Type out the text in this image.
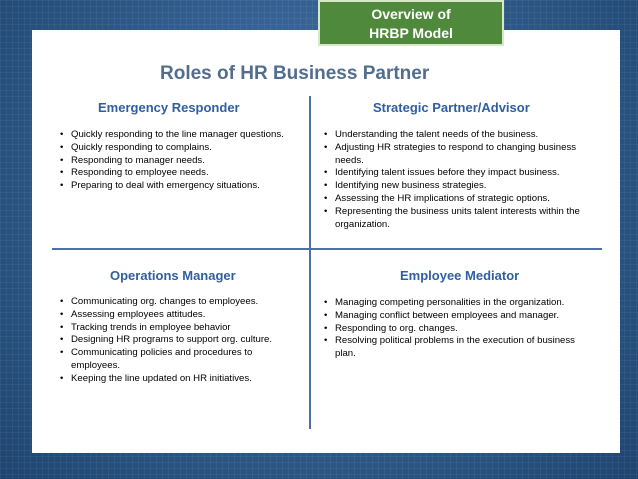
Overview of
HRBP Model
Roles of HR Business Partner
Emergency Responder
• Quickly responding to the line manager questions.
• Quickly responding to complains.
• Responding to manager needs.
• Responding to employee needs.
• Preparing to deal with emergency situations.
Strategic Partner/Advisor
• Understanding the talent needs of the business.
• Adjusting HR strategies to respond to changing business needs.
• Identifying talent issues before they impact business.
• Identifying new business strategies.
• Assessing the HR implications of strategic options.
• Representing the business units talent interests within the organization.
Operations Manager
• Communicating org. changes to employees.
• Assessing employees attitudes.
• Tracking trends in employee behavior
• Designing HR programs to support org. culture.
• Communicating policies and procedures to employees.
• Keeping the line updated on HR initiatives.
Employee Mediator
• Managing competing personalities in the organization.
• Managing conflict between employees and manager.
• Responding to org. changes.
• Resolving political problems in the execution of business plan.
